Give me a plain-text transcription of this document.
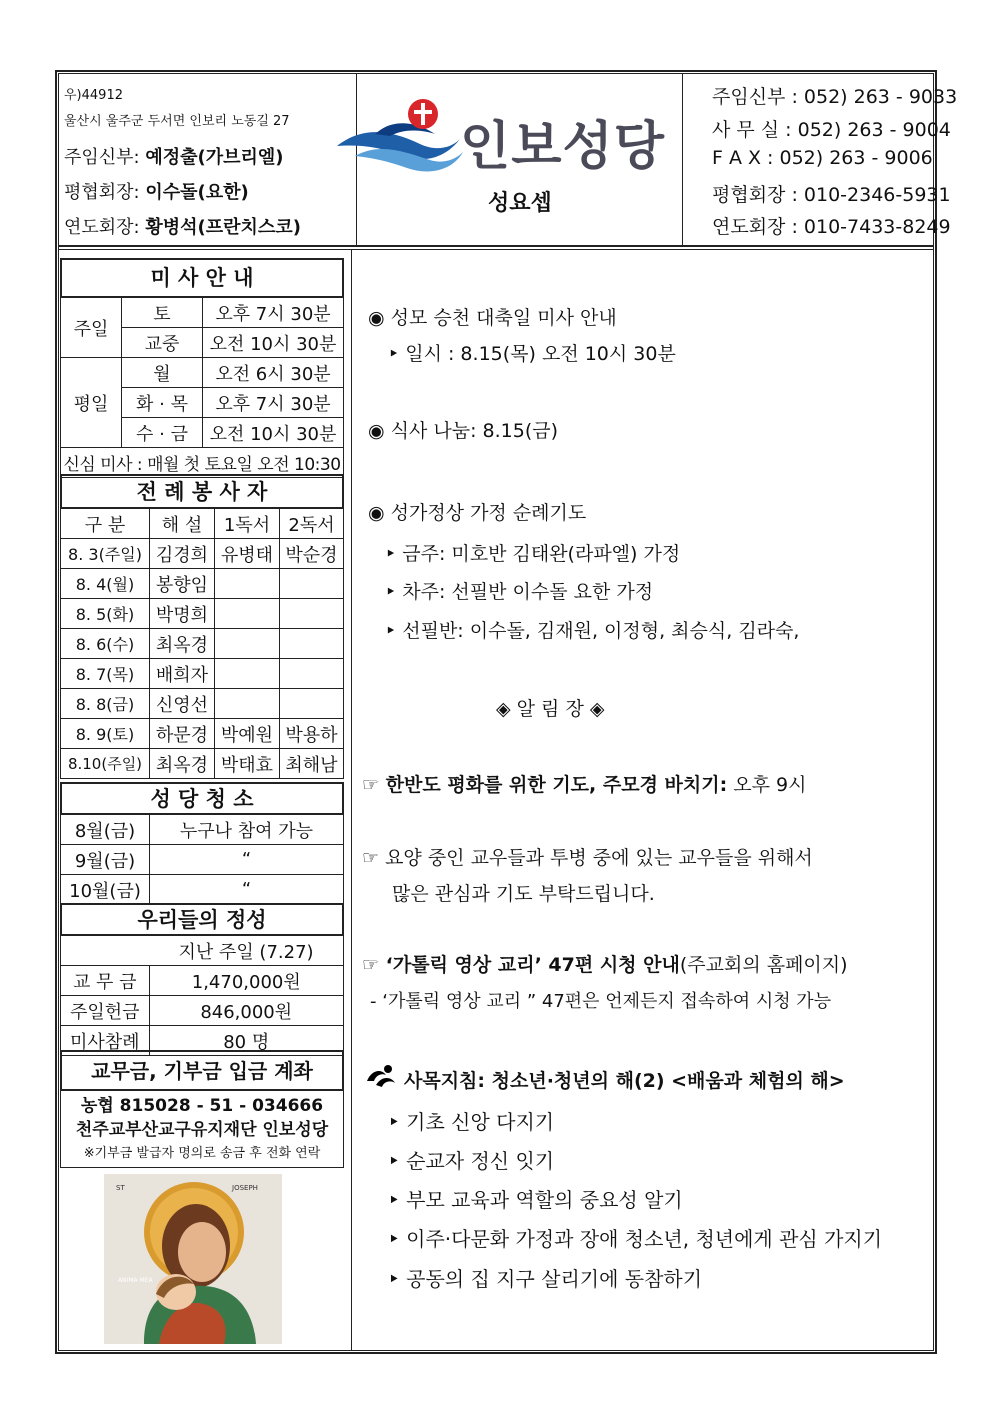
우)44912
울산시 울주군 두서면 인보리 노동길 27
주임신부: 예정출(가브리엘)
평협회장: 이수돌(요한)
연도회장: 황병석(프란치스코)
인보성당
성요셉
주임신부 : 052) 263 - 9033
사 무 실 : 052) 263 - 9004
F A X : 052) 263 - 9006
평협회장 : 010-2346-5931
연도회장 : 010-7433-8249
미 사 안 내
주일	토	오후 7시 30분
	교중	오전 10시 30분
평일	월	오전 6시 30분
	화 · 목	오후 7시 30분
	수 · 금	오전 10시 30분
신심 미사 : 매월 첫 토요일 오전 10:30		
전 례 봉 사 자
구 분	해 설	1독서	2독서
8. 3(주일)	김경희	유병태	박순경
8. 4(월)	봉향임		
8. 5(화)	박명희		
8. 6(수)	최옥경		
8. 7(목)	배희자		
8. 8(금)	신영선		
8. 9(토)	하문경	박예원	박용하
8.10(주일)	최옥경	박태효	최해남
성 당 청 소
8월(금)	누구나 참여 가능
9월(금)	“
10월(금)	“
우리들의 정성
	지난 주일 (7.27)
교 무 금	1,470,000원
주일헌금	846,000원
미사참례	80 명
교무금, 기부금 입금 계좌
농협 815028 - 51 - 034666
천주교부산교구유지재단 인보성당
※기부금 발급자 명의로 송금 후 전화 연락
ST	JOSEPH
ANIMA MEA
◉ 성모 승천 대축일 미사 안내
‣ 일시 : 8.15(목) 오전 10시 30분
◉ 식사 나눔: 8.15(금)
◉ 성가정상 가정 순례기도
‣ 금주: 미호반 김태완(라파엘) 가정
‣ 차주: 선필반 이수돌 요한 가정
‣ 선필반: 이수돌, 김재원, 이정형, 최승식, 김라숙,
◈ 알 림 장 ◈
☞ 한반도 평화를 위한 기도, 주모경 바치기: 오후 9시
☞ 요양 중인 교우들과 투병 중에 있는 교우들을 위해서
많은 관심과 기도 부탁드립니다.
☞ ‘가톨릭 영상 교리’ 47편 시청 안내(주교회의 홈페이지)
- ‘가톨릭 영상 교리 ” 47편은 언제든지 접속하여 시청 가능
사목지침: 청소년·청년의 해(2) <배움과 체험의 해>
‣ 기초 신앙 다지기
‣ 순교자 정신 잇기
‣ 부모 교육과 역할의 중요성 알기
‣ 이주·다문화 가정과 장애 청소년, 청년에게 관심 가지기
‣ 공동의 집 지구 살리기에 동참하기
